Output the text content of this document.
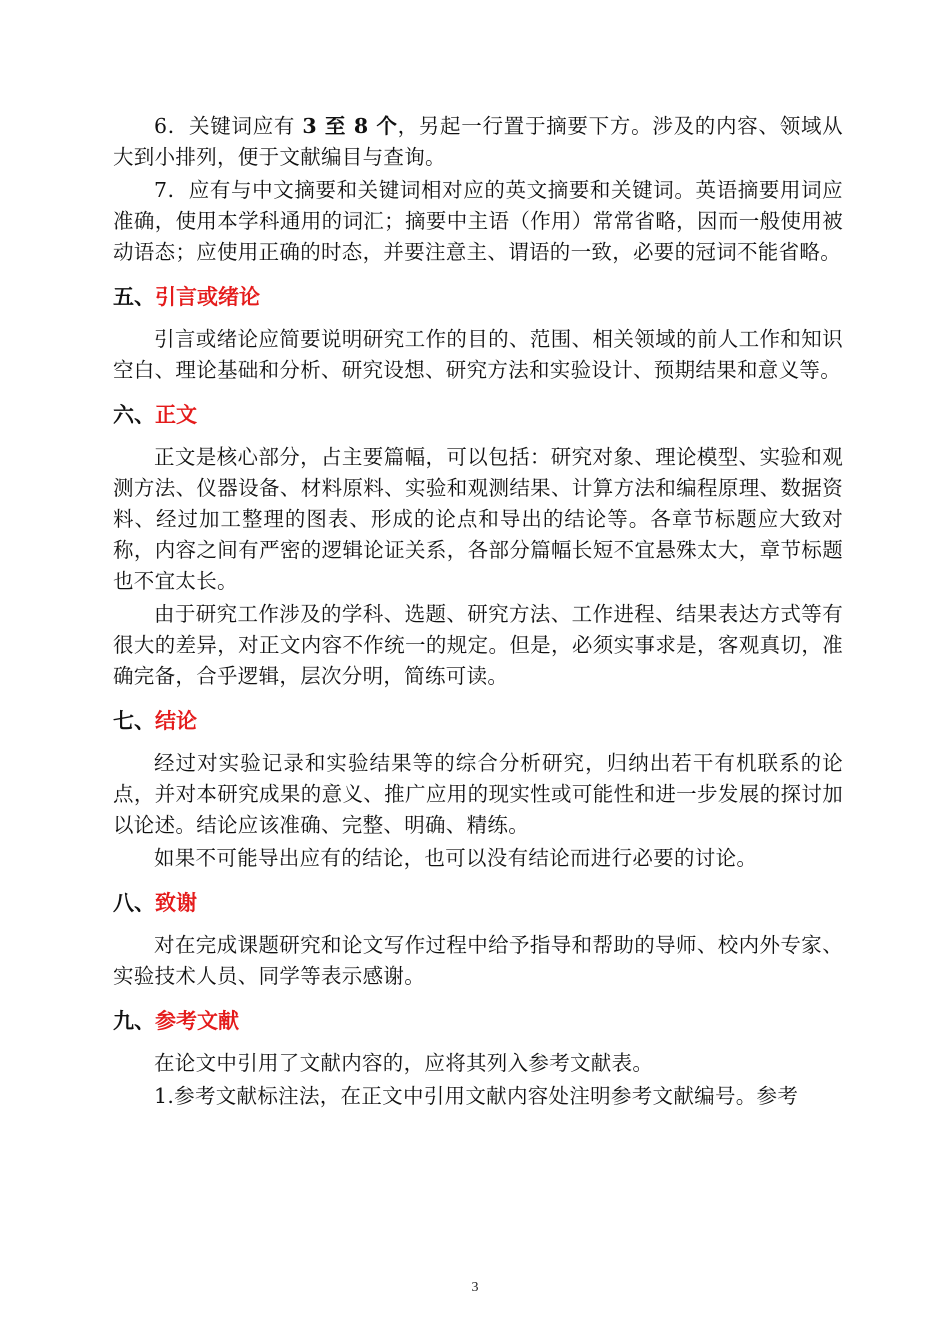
6．关键词应有 3 至 8 个，另起一行置于摘要下方。涉及的内容、领域从大到小排列，便于文献编目与查询。

7．应有与中文摘要和关键词相对应的英文摘要和关键词。英语摘要用词应准确，使用本学科通用的词汇；摘要中主语（作用）常常省略，因而一般使用被动语态；应使用正确的时态，并要注意主、谓语的一致，必要的冠词不能省略。

五、引言或绪论

引言或绪论应简要说明研究工作的目的、范围、相关领域的前人工作和知识空白、理论基础和分析、研究设想、研究方法和实验设计、预期结果和意义等。

六、正文

正文是核心部分，占主要篇幅，可以包括：研究对象、理论模型、实验和观测方法、仪器设备、材料原料、实验和观测结果、计算方法和编程原理、数据资料、经过加工整理的图表、形成的论点和导出的结论等。各章节标题应大致对称，内容之间有严密的逻辑论证关系，各部分篇幅长短不宜悬殊太大，章节标题也不宜太长。

由于研究工作涉及的学科、选题、研究方法、工作进程、结果表达方式等有很大的差异，对正文内容不作统一的规定。但是，必须实事求是，客观真切，准确完备，合乎逻辑，层次分明，简练可读。

七、结论

经过对实验记录和实验结果等的综合分析研究，归纳出若干有机联系的论点，并对本研究成果的意义、推广应用的现实性或可能性和进一步发展的探讨加以论述。结论应该准确、完整、明确、精练。

如果不可能导出应有的结论，也可以没有结论而进行必要的讨论。

八、致谢

对在完成课题研究和论文写作过程中给予指导和帮助的导师、校内外专家、实验技术人员、同学等表示感谢。

九、参考文献

在论文中引用了文献内容的，应将其列入参考文献表。

1.参考文献标注法，在正文中引用文献内容处注明参考文献编号。参考

3
